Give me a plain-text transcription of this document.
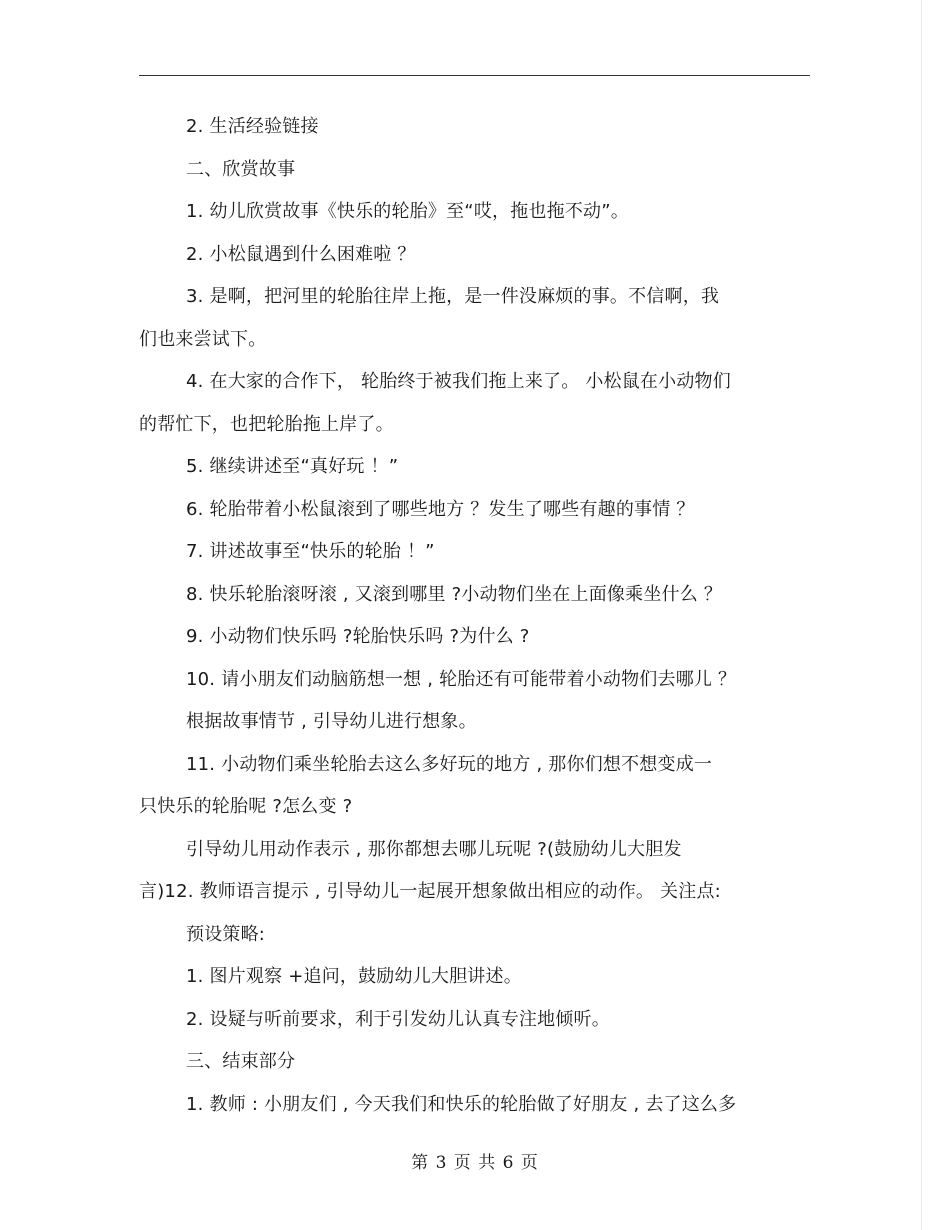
2. 生活经验链接
二、欣赏故事
1. 幼儿欣赏故事《快乐的轮胎》至“哎，拖也拖不动”。
2. 小松鼠遇到什么困难啦 ？
3. 是啊，把河里的轮胎往岸上拖，是一件没麻烦的事。不信啊，我
们也来尝试下。
4. 在大家的合作下， 轮胎终于被我们拖上来了。 小松鼠在小动物们
的帮忙下，也把轮胎拖上岸了。
5. 继续讲述至“真好玩 ！”
6. 轮胎带着小松鼠滚到了哪些地方 ？发生了哪些有趣的事情 ？
7. 讲述故事至“快乐的轮胎 ！”
8. 快乐轮胎滚呀滚 , 又滚到哪里 ?小动物们坐在上面像乘坐什么 ？
9. 小动物们快乐吗 ?轮胎快乐吗 ?为什么 ?
10. 请小朋友们动脑筋想一想 , 轮胎还有可能带着小动物们去哪儿 ？
根据故事情节 , 引导幼儿进行想象。
11. 小动物们乘坐轮胎去这么多好玩的地方 , 那你们想不想变成一
只快乐的轮胎呢 ?怎么变 ?
引导幼儿用动作表示 , 那你都想去哪儿玩呢 ?(鼓励幼儿大胆发
言)12. 教师语言提示 , 引导幼儿一起展开想象做出相应的动作。 关注点:
预设策略:
1. 图片观察 +追问，鼓励幼儿大胆讲述。
2. 设疑与听前要求，利于引发幼儿认真专注地倾听。
三、结束部分
1. 教师 : 小朋友们 , 今天我们和快乐的轮胎做了好朋友 , 去了这么多
第 3 页 共 6 页
